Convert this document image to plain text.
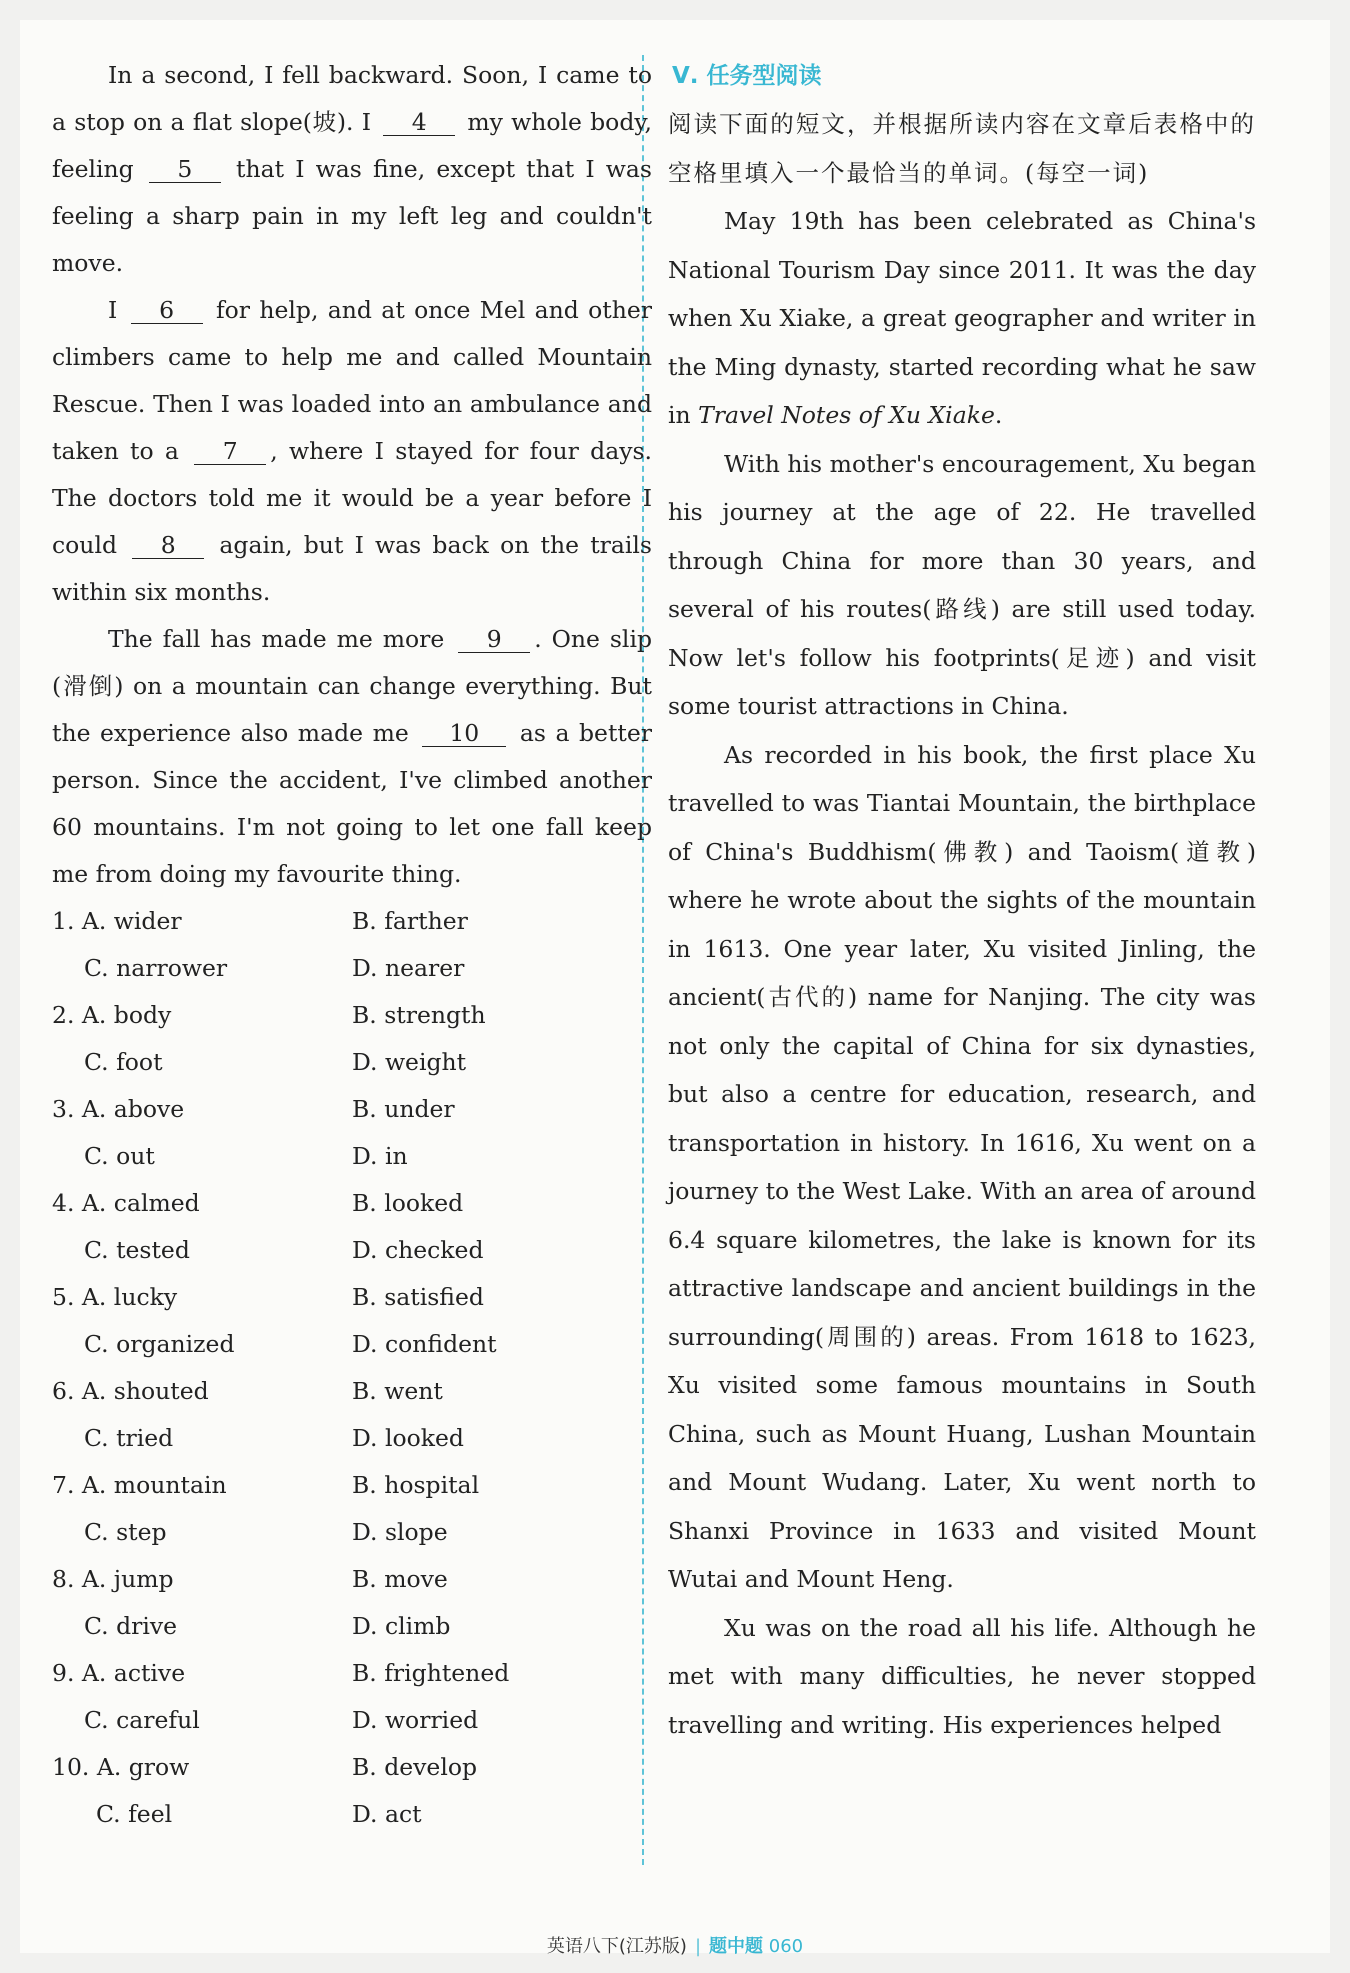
In a second, I fell backward. Soon, I came to a stop on a flat slope(坡). I 4 my whole body, feeling 5 that I was fine, except that I was feeling a sharp pain in my left leg and couldn't move.

I 6 for help, and at once Mel and other climbers came to help me and called Mountain Rescue. Then I was loaded into an ambulance and taken to a 7 , where I stayed for four days. The doctors told me it would be a year before I could 8 again, but I was back on the trails within six months.

The fall has made me more 9 . One slip (滑倒) on a mountain can change everything. But the experience also made me 10 as a better person. Since the accident, I've climbed another 60 mountains. I'm not going to let one fall keep me from doing my favourite thing.

1. A. wider	B. farther
C. narrower	D. nearer
2. A. body	B. strength
C. foot	D. weight
3. A. above	B. under
C. out	D. in
4. A. calmed	B. looked
C. tested	D. checked
5. A. lucky	B. satisfied
C. organized	D. confident
6. A. shouted	B. went
C. tried	D. looked
7. A. mountain	B. hospital
C. step	D. slope
8. A. jump	B. move
C. drive	D. climb
9. A. active	B. frightened
C. careful	D. worried
10. A. grow	B. develop
C. feel	D. act
Ⅴ. 任务型阅读

阅读下面的短文，并根据所读内容在文章后表格中的空格里填入一个最恰当的单词。(每空一词)

May 19th has been celebrated as China's National Tourism Day since 2011. It was the day when Xu Xiake, a great geographer and writer in the Ming dynasty, started recording what he saw in Travel Notes of Xu Xiake.

With his mother's encouragement, Xu began his journey at the age of 22. He travelled through China for more than 30 years, and several of his routes(路线) are still used today. Now let's follow his footprints(足迹) and visit some tourist attractions in China.

As recorded in his book, the first place Xu travelled to was Tiantai Mountain, the birthplace of China's Buddhism(佛教) and Taoism(道教) where he wrote about the sights of the mountain in 1613. One year later, Xu visited Jinling, the ancient(古代的) name for Nanjing. The city was not only the capital of China for six dynasties, but also a centre for education, research, and transportation in history. In 1616, Xu went on a journey to the West Lake. With an area of around 6.4 square kilometres, the lake is known for its attractive landscape and ancient buildings in the surrounding(周围的) areas. From 1618 to 1623, Xu visited some famous mountains in South China, such as Mount Huang, Lushan Mountain and Mount Wudang. Later, Xu went north to Shanxi Province in 1633 and visited Mount Wutai and Mount Heng.

Xu was on the road all his life. Although he met with many difficulties, he never stopped travelling and writing. His experiences helped

英语八下(江苏版) | 题中题 060
